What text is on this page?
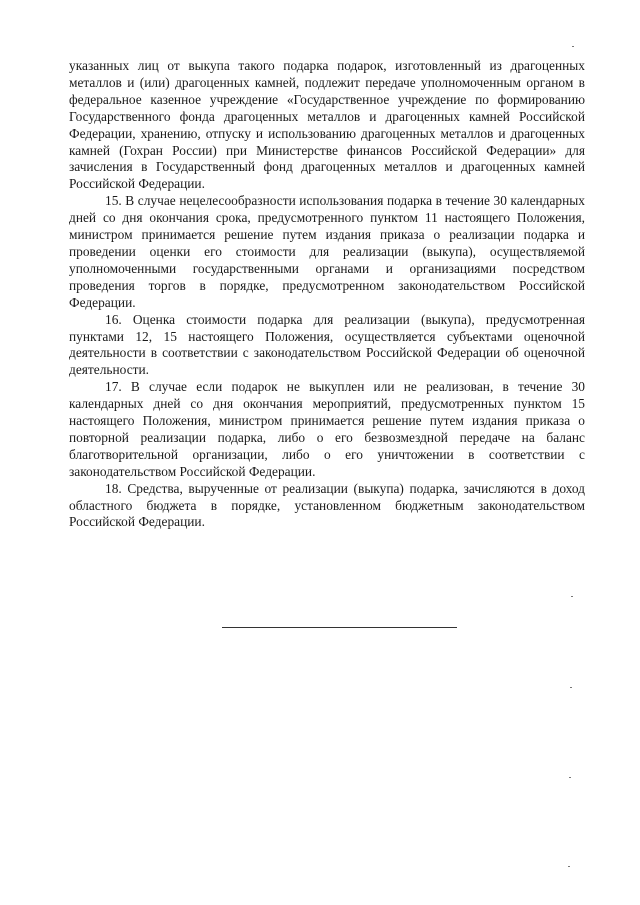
указанных лиц от выкупа такого подарка подарок, изготовленный из драгоценных металлов и (или) драгоценных камней, подлежит передаче уполномоченным органом в федеральное казенное учреждение «Государственное учреждение по формированию Государственного фонда драгоценных металлов и драгоценных камней Российской Федерации, хранению, отпуску и использованию драгоценных металлов и драгоценных камней (Гохран России) при Министерстве финансов Российской Федерации» для зачисления в Государственный фонд драгоценных металлов и драгоценных камней Российской Федерации.

15. В случае нецелесообразности использования подарка в течение 30 календарных дней со дня окончания срока, предусмотренного пунктом 11 настоящего Положения, министром принимается решение путем издания приказа о реализации подарка и проведении оценки его стоимости для реализации (выкупа), осуществляемой уполномоченными государственными органами и организациями посредством проведения торгов в порядке, предусмотренном законодательством Российской Федерации.

16. Оценка стоимости подарка для реализации (выкупа), предусмотренная пунктами 12, 15 настоящего Положения, осуществляется субъектами оценочной деятельности в соответствии с законодательством Российской Федерации об оценочной деятельности.

17. В случае если подарок не выкуплен или не реализован, в течение 30 календарных дней со дня окончания мероприятий, предусмотренных пунктом 15 настоящего Положения, министром принимается решение путем издания приказа о повторной реализации подарка, либо о его безвозмездной передаче на баланс благотворительной организации, либо о его уничтожении в соответствии с законодательством Российской Федерации.

18. Средства, вырученные от реализации (выкупа) подарка, зачисляются в доход областного бюджета в порядке, установленном бюджетным законодательством Российской Федерации.
